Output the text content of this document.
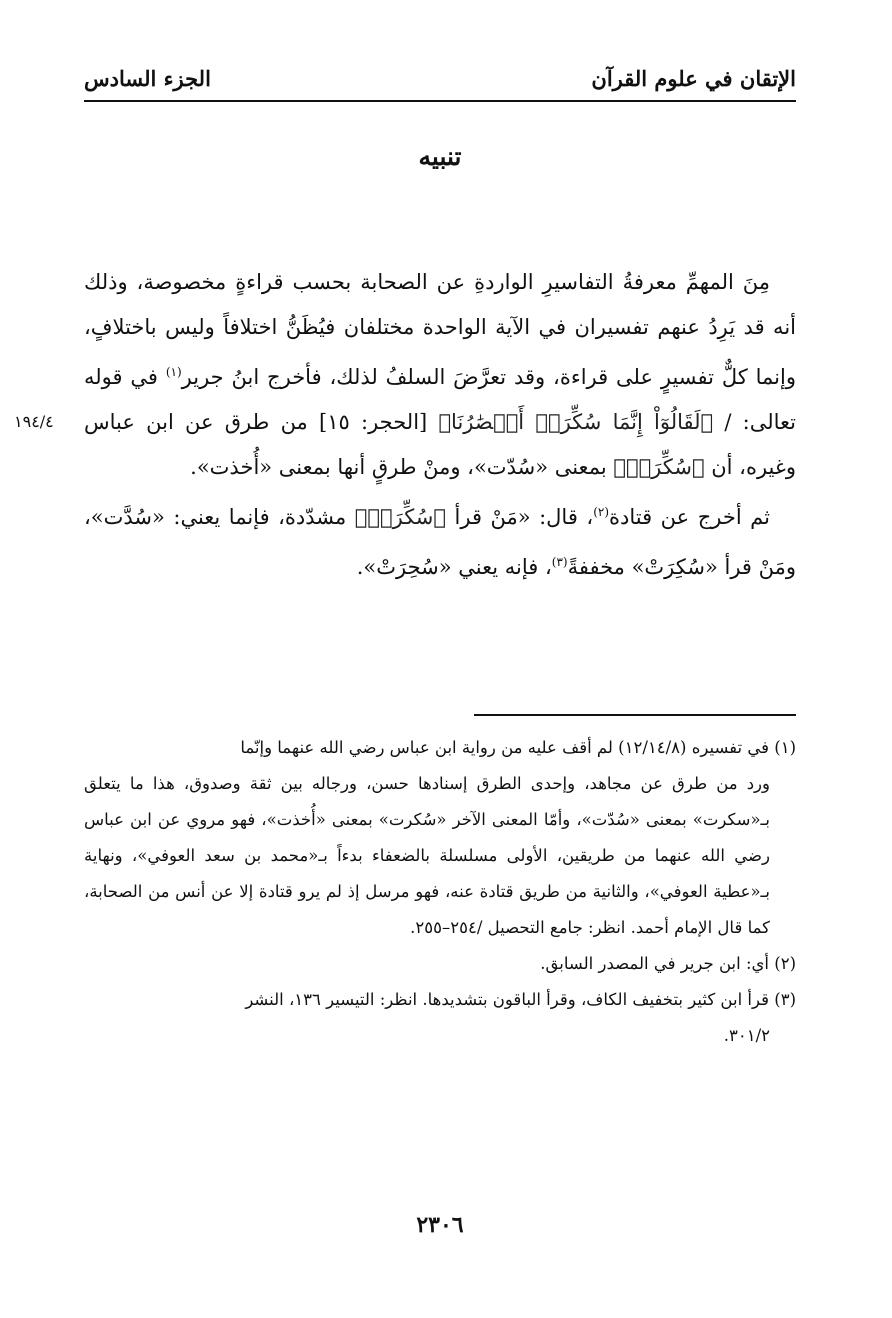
الإتقان في علوم القرآن
الجزء السادس
تنبيه
١٩٤/٤

مِنَ المهمِّ معرفةُ التفاسيرِ الواردةِ عن الصحابة بحسب قراءةٍ مخصوصة، وذلك أنه قد يَرِدُ عنهم تفسيران في الآية الواحدة مختلفان فيُظَنُّ اختلافاً وليس باختلافٍ، وإنما كلٌّ تفسيرٍ على قراءة، وقد تعرَّضَ السلفُ لذلك، فأخرج ابنُ جرير$^{(١)}$ في قوله تعالى: / ﴿لَقَالُوٓاْ إِنَّمَا سُكِّرَتۡ أَبۡصَٰرُنَا﴾ [الحجر: ١٥] من طرق عن ابن عباس وغيره، أن ﴿سُكِّرَتۡ﴾ بمعنى «سُدّت»، ومنْ طرقٍ أنها بمعنى «أُخذت».

ثم أخرج عن قتادة$^{(٢)}$، قال: «مَنْ قرأ ﴿سُكِّرَتۡ﴾ مشدّدة، فإنما يعني: «سُدَّت»، ومَنْ قرأ «سُكِرَتْ» مخففةً$^{(٣)}$، فإنه يعني «سُحِرَتْ».

(١) في تفسيره (١٢/١٤/٨) لم أقف عليه من رواية ابن عباس رضي الله عنهما وإنّما

ورد من طرق عن مجاهد، وإحدى الطرق إسنادها حسن، ورجاله بين ثقة وصدوق، هذا ما يتعلق بـ«سكرت» بمعنى «سُدّت»، وأمّا المعنى الآخر «سُكرت» بمعنى «أُخذت»، فهو مروي عن ابن عباس رضي الله عنهما من طريقين، الأولى مسلسلة بالضعفاء بدءاً بـ«محمد بن سعد العوفي»، ونهاية بـ«عطية العوفي»، والثانية من طريق قتادة عنه، فهو مرسل إذ لم يرو قتادة إلا عن أنس من الصحابة، كما قال الإمام أحمد. انظر: جامع التحصيل /٢٥٤–٢٥٥.

(٢) أي: ابن جرير في المصدر السابق.

(٣) قرأ ابن كثير بتخفيف الكاف، وقرأ الباقون بتشديدها. انظر: التيسير ١٣٦، النشر

٣٠١/٢.

٢٣٠٦
